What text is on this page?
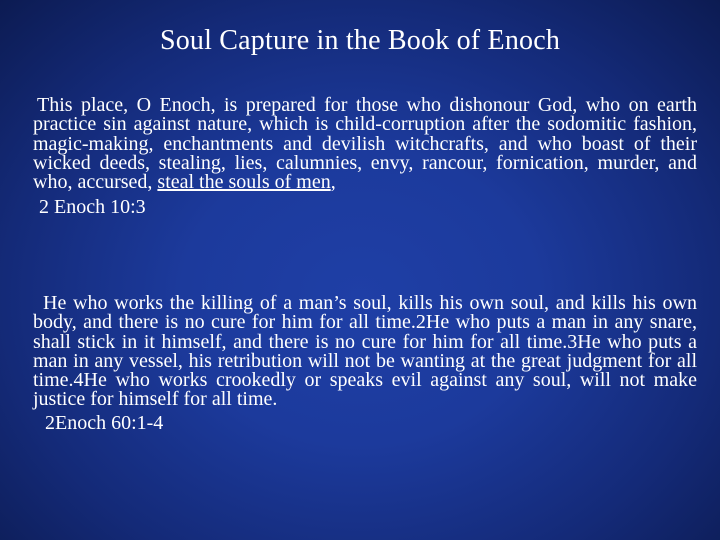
Soul Capture in the Book of Enoch

This place, O Enoch, is prepared for those who dishonour God, who on earth practice sin against nature, which is child-corruption after the sodomitic fashion, magic-making, enchantments and devilish witchcrafts, and who boast of their wicked deeds, stealing, lies, calumnies, envy, rancour, fornication, murder, and who, accursed, steal the souls of men,

2 Enoch 10:3

He who works the killing of a man’s soul, kills his own soul, and kills his own body, and there is no cure for him for all time.2He who puts a man in any snare, shall stick in it himself, and there is no cure for him for all time.3He who puts a man in any vessel, his retribution will not be wanting at the great judgment for all time.4He who works crookedly or speaks evil against any soul, will not make justice for himself for all time.

2Enoch 60:1-4
